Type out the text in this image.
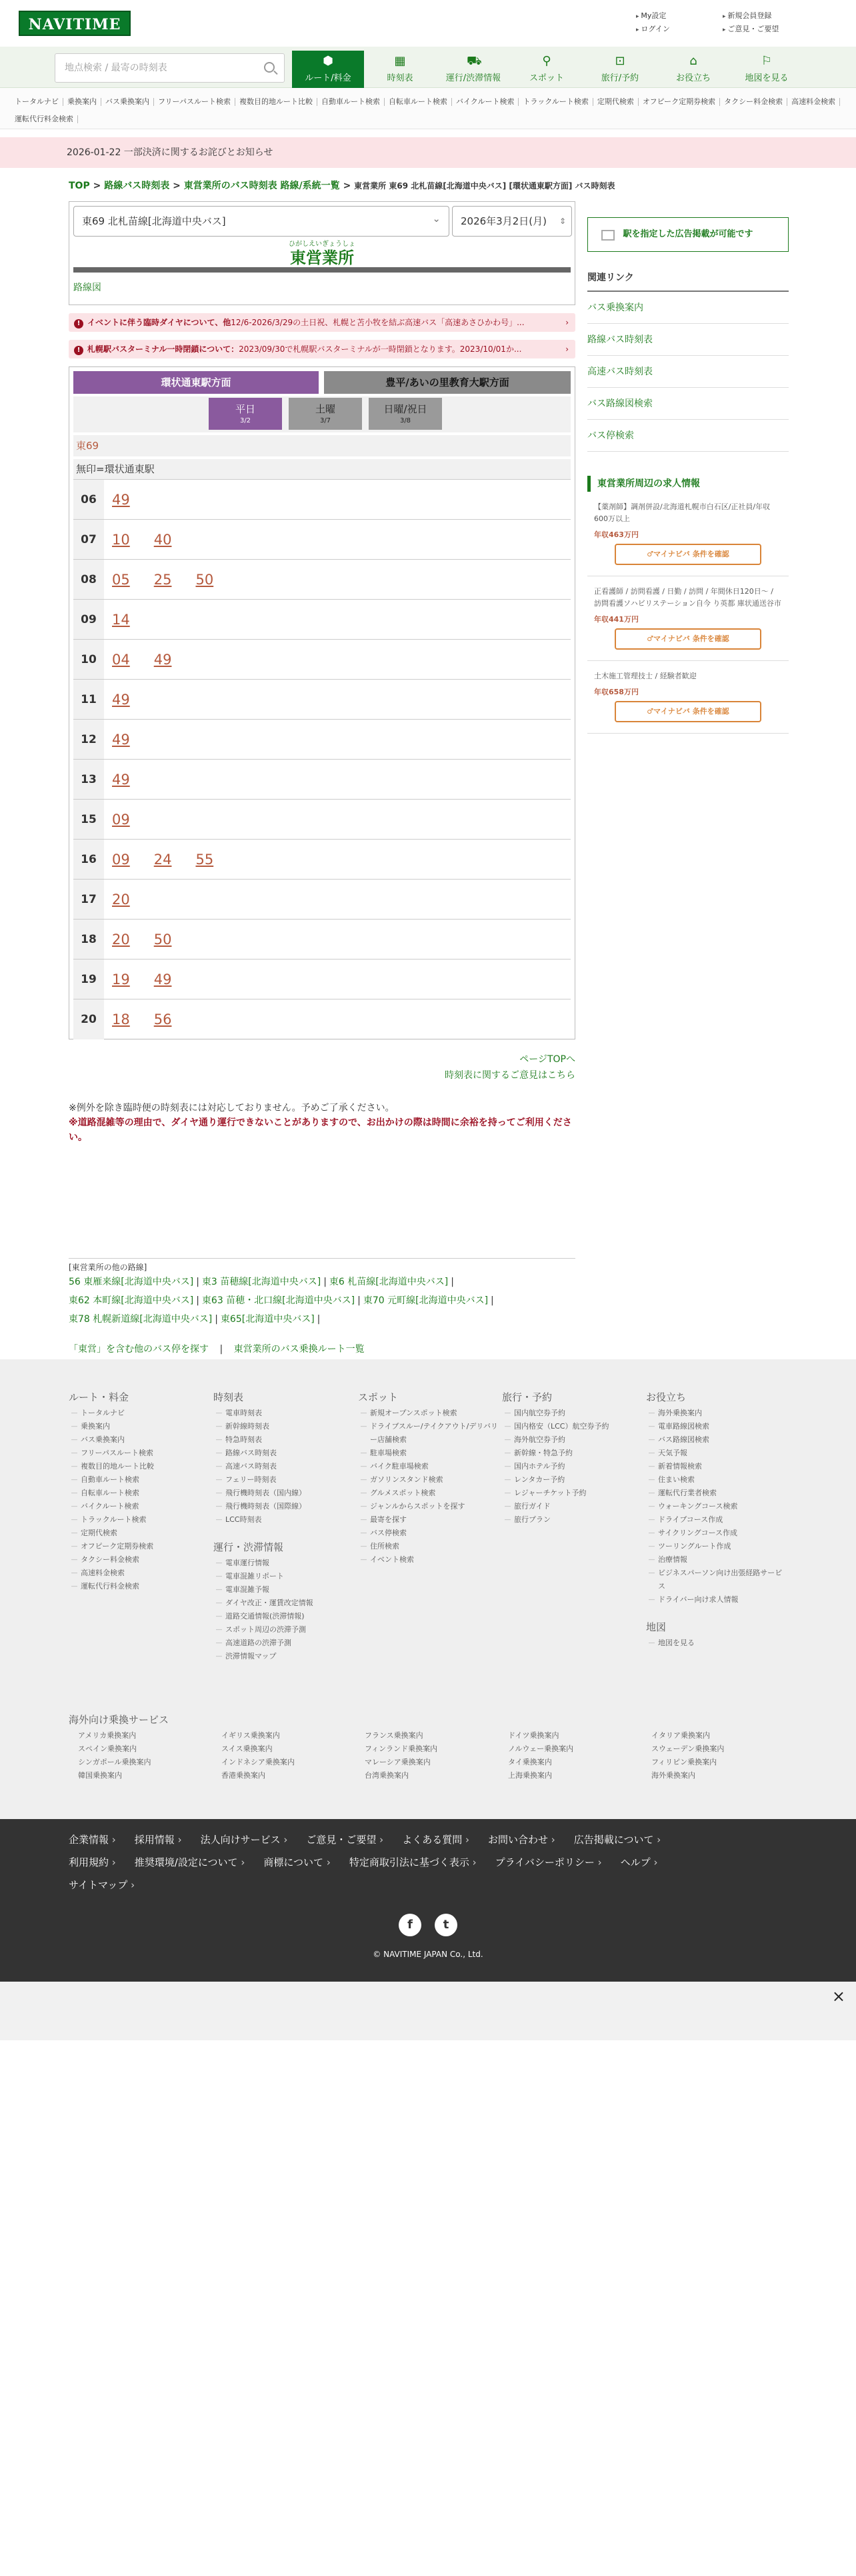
NAVITIME
▸ My設定	▸ 新規会員登録
▸ ログイン	▸ ご意見・ご要望
地点検索 / 最寄の時刻表	⬢
ルート/料金
▦
時刻表
⛟
運行/渋滞情報
⚲
スポット
⊡
旅行/予約
⌂
お役立ち
⚐
地図を見る
トータルナビ 乗換案内 バス乗換案内 フリーパスルート検索 複数目的地ルート比較 自動車ルート検索 自転車ルート検索 バイクルート検索 トラックルート検索 定期代検索 オフピーク定期券検索 タクシー料金検索 高速料金検索運転代行料金検索
2026-01-22 一部決済に関するお詫びとお知らせ
TOP > 路線バス時刻表 > 東営業所のバス時刻表 路線/系統一覧 > 東営業所 東69 北札苗線[北海道中央バス] [環状通東駅方面] バス時刻表
東69 北札苗線[北海道中央バス] ⌄	2026年3月2日(月) ⇕
ひがしえいぎょうしょ
東営業所
路線図
! イベントに伴う臨時ダイヤについて、他12/6-2026/3/29の土日祝、札幌と苫小牧を結ぶ高速バス「高速あさひかわ号」...	›
! 札幌駅バスターミナル一時閉鎖について：2023/09/30で札幌駅バスターミナルが一時閉鎖となります。2023/10/01か...	›
環状通東駅方面	豊平/あいの里教育大駅方面
平日
3/2
土曜
3/7
日曜/祝日
3/8
東69
無印=環状通東駅
06	49
07	10 40
08	05 25 50
09	14
10	04 49
11	49
12	49
13	49
15	09
16	09 24 55
17	20
18	20 50
19	19 49
20	18 56
ページTOPへ
時刻表に関するご意見はこちら
※例外を除き臨時便の時刻表には対応しておりません。予めご了承ください。
※道路混雑等の理由で、ダイヤ通り運行できないことがありますので、お出かけの際は時間に余裕を持ってご利用ください。
[東営業所の他の路線]
56 東雁来線[北海道中央バス] | 東3 苗穂線[北海道中央バス] | 東6 札苗線[北海道中央バス] |
東62 本町線[北海道中央バス] | 東63 苗穂・北口線[北海道中央バス] | 東70 元町線[北海道中央バス] |
東78 札幌新道線[北海道中央バス] | 東65[北海道中央バス] |
「東営」を含む他のバス停を探す | 東営業所のバス乗換ルート一覧
駅を指定した広告掲載が可能です
関連リンク
バス乗換案内
路線バス時刻表
高速バス時刻表
バス路線図検索
バス停検索
東営業所周辺の求人情報
【薬剤師】調剤併設/北海道札幌市白石区/正社員/年収600万以上
年収463万円
♂マイナビバ 条件を確認
正看護師 / 訪問看護 / 日勤 / 訪問 / 年間休日120日〜 / 訪問看護ソハビリステーション自今 り英都 庫状通送谷市
年収441万円
♂マイナビバ 条件を確認
土木施工管理技士 / 経験者歓迎
年収658万円
♂マイナビバ 条件を確認
ルート・料金
― トータルナビ
― 乗換案内
― バス乗換案内
― フリーパスルート検索
― 複数目的地ルート比較
― 自動車ルート検索
― 自転車ルート検索
― バイクルート検索
― トラックルート検索
― 定期代検索
― オフピーク定期券検索
― タクシー料金検索
― 高速料金検索
― 運転代行料金検索
時刻表
― 電車時刻表
― 新幹線時刻表
― 特急時刻表
― 路線バス時刻表
― 高速バス時刻表
― フェリー時刻表
― 飛行機時刻表（国内線）
― 飛行機時刻表（国際線）
― LCC時刻表
運行・渋滞情報
― 電車運行情報
― 電車混雑リポート
― 電車混雑予報
― ダイヤ改正・運賃改定情報
― 道路交通情報(渋滞情報)
― スポット周辺の渋滞予測
― 高速道路の渋滞予測
― 渋滞情報マップ
スポット
― 新規オープンスポット検索
― ドライブスルー/テイクアウト/デリバリー店舗検索
― 駐車場検索
― バイク駐車場検索
― ガソリンスタンド検索
― グルメスポット検索
― ジャンルからスポットを探す
― 最寄を探す
― バス停検索
― 住所検索
― イベント検索
旅行・予約
― 国内航空券予約
― 国内格安（LCC）航空券予約
― 海外航空券予約
― 新幹線・特急予約
― 国内ホテル予約
― レンタカー予約
― レジャーチケット予約
― 旅行ガイド
― 旅行プラン
お役立ち
― 海外乗換案内
― 電車路線図検索
― バス路線図検索
― 天気予報
― 新着情報検索
― 住まい検索
― 運転代行業者検索
― ウォーキングコース検索
― ドライブコース作成
― サイクリングコース作成
― ツーリングルート作成
― 治療情報
― ビジネスパーソン向け出張経路サービス
― ドライバー向け求人情報
地図
― 地図を見る
海外向け乗換サービス
アメリカ乗換案内	イギリス乗換案内	フランス乗換案内	ドイツ乗換案内	イタリア乗換案内
スペイン乗換案内	スイス乗換案内	フィンランド乗換案内	ノルウェー乗換案内	スウェーデン乗換案内
シンガポール乗換案内	インドネシア乗換案内	マレーシア乗換案内	タイ乗換案内	フィリピン乗換案内
韓国乗換案内	香港乗換案内	台湾乗換案内	上海乗換案内	海外乗換案内
企業情報 ›	採用情報 ›	法人向けサービス ›	ご意見・ご要望 ›	よくある質問 ›	お問い合わせ ›	広告掲載について ›
利用規約 ›	推奨環境/設定について ›	商標について ›	特定商取引法に基づく表示 ›	プライバシーポリシー ›	ヘルプ ›
サイトマップ ›
f	t
© NAVITIME JAPAN Co., Ltd.
×
